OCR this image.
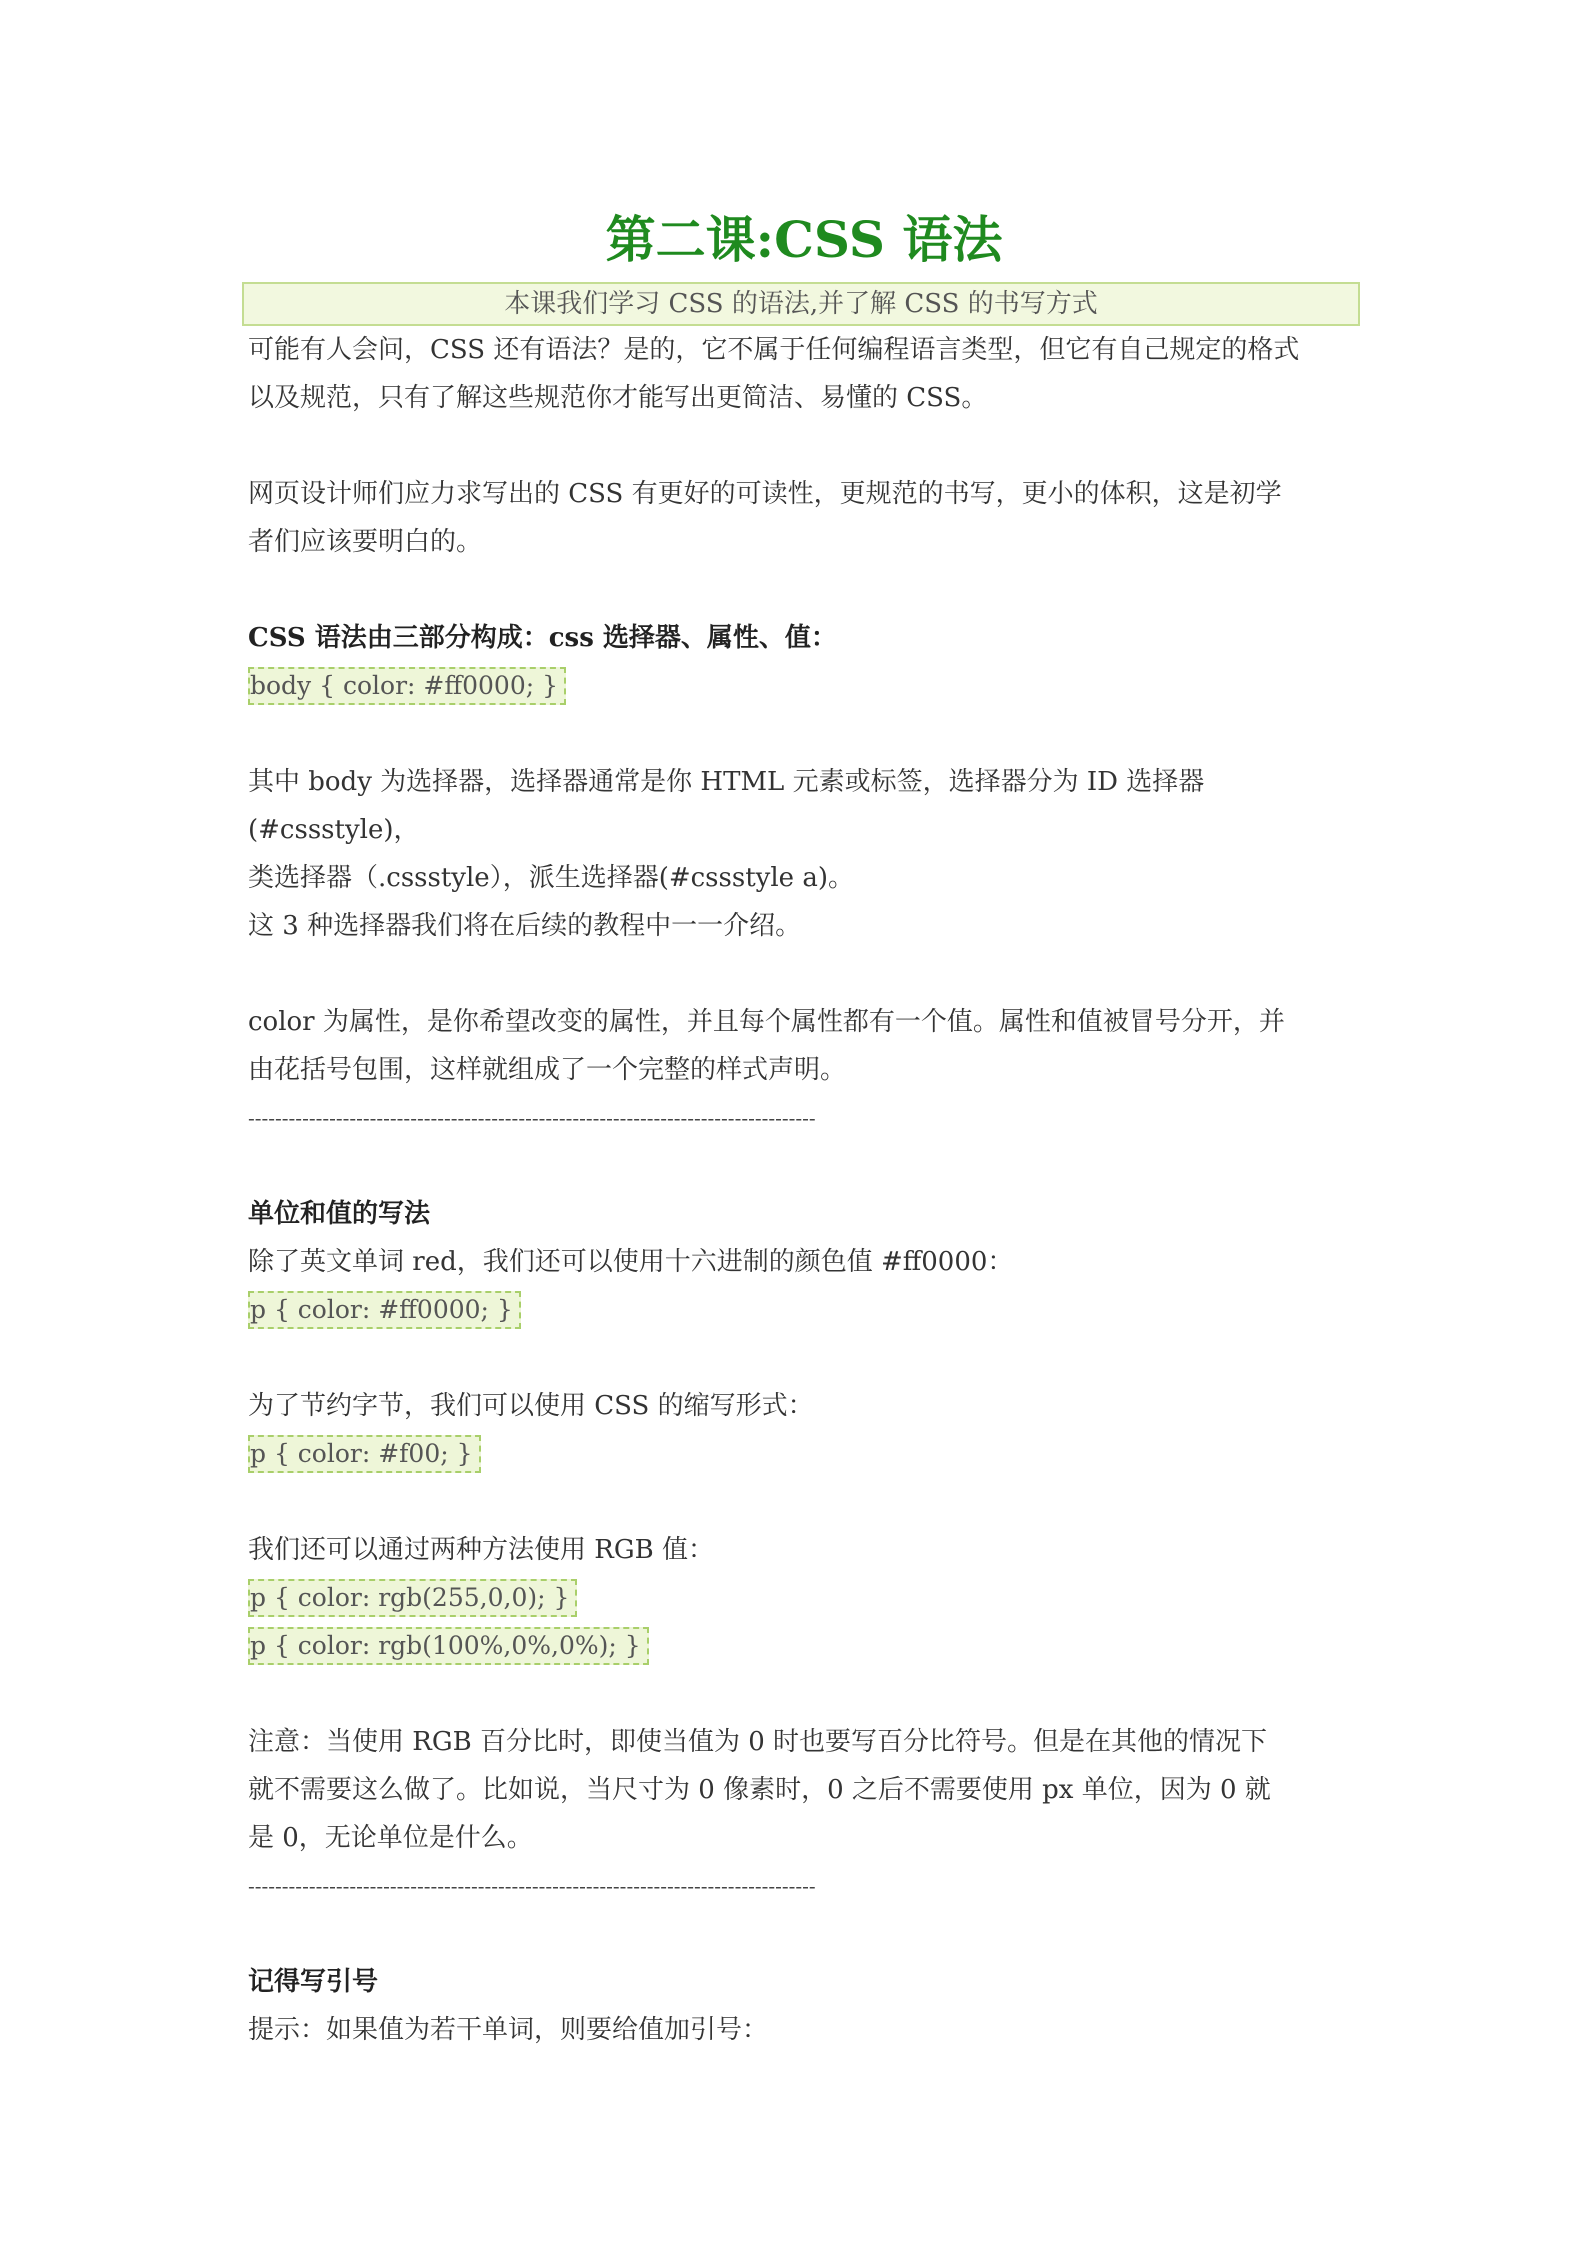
第二课:CSS 语法
本课我们学习 CSS 的语法,并了解 CSS 的书写方式

可能有人会问，CSS 还有语法？是的，它不属于任何编程语言类型，但它有自己规定的格式

以及规范，只有了解这些规范你才能写出更简洁、易懂的 CSS。

网页设计师们应力求写出的 CSS 有更好的可读性，更规范的书写，更小的体积，这是初学

者们应该要明白的。

CSS 语法由三部分构成：css 选择器、属性、值：

body { color: #ff0000; }

其中 body 为选择器，选择器通常是你 HTML 元素或标签，选择器分为 ID 选择器(#cssstyle)，

类选择器（.cssstyle），派生选择器(#cssstyle a)。

这 3 种选择器我们将在后续的教程中一一介绍。

color 为属性，是你希望改变的属性，并且每个属性都有一个值。属性和值被冒号分开，并

由花括号包围，这样就组成了一个完整的样式声明。

------------------------------------------------------------------------------------

单位和值的写法

除了英文单词 red，我们还可以使用十六进制的颜色值 #ff0000：

p { color: #ff0000; }

为了节约字节，我们可以使用 CSS 的缩写形式：

p { color: #f00; }

我们还可以通过两种方法使用 RGB 值：

p { color: rgb(255,0,0); }
p { color: rgb(100%,0%,0%); }

注意：当使用 RGB 百分比时，即使当值为 0 时也要写百分比符号。但是在其他的情况下

就不需要这么做了。比如说，当尺寸为 0 像素时，0 之后不需要使用 px 单位，因为 0 就

是 0，无论单位是什么。

------------------------------------------------------------------------------------

记得写引号

提示：如果值为若干单词，则要给值加引号：
